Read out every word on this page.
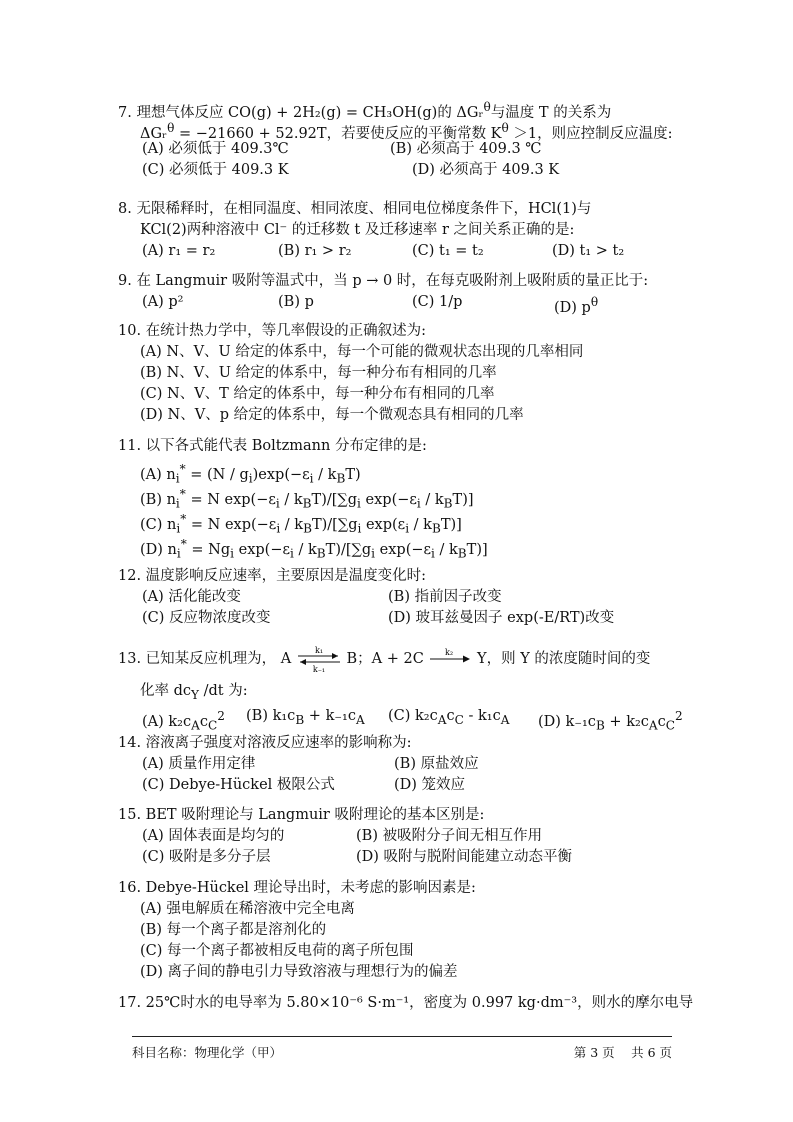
7. 理想气体反应 CO(g) + 2H₂(g) = CH₃OH(g)的 ΔGᵣ$^\theta$与温度 T 的关系为
ΔGᵣ$^\theta$ = −21660 + 52.92T，若要使反应的平衡常数 $K^\theta >1$，则应控制反应温度:
(A) 必须低于 409.3℃	(B) 必须高于 409.3 ℃
(C) 必须低于 409.3 K	(D) 必须高于 409.3 K
8. 无限稀释时，在相同温度、相同浓度、相同电位梯度条件下，HCl(1)与
KCl(2)两种溶液中 Cl⁻ 的迁移数 t 及迁移速率 r 之间关系正确的是:
(A) r₁ = r₂	(B) r₁ > r₂	(C) t₁ = t₂	(D) t₁ > t₂
9. 在 Langmuir 吸附等温式中，当 p → 0 时，在每克吸附剂上吸附质的量正比于:
(A) p²	(B) p	(C) 1/p	(D) $p^\theta$
10. 在统计热力学中，等几率假设的正确叙述为:
(A) N、V、U 给定的体系中，每一个可能的微观状态出现的几率相同
(B) N、V、U 给定的体系中，每一种分布有相同的几率
(C) N、V、T 给定的体系中，每一种分布有相同的几率
(D) N、V、p 给定的体系中，每一个微观态具有相同的几率
11. 以下各式能代表 Boltzmann 分布定律的是:
(A) $n_i^* = (N / g_i)\exp(-\varepsilon_i / k_BT)$
(B) $n_i^* = N$ $\exp(-\varepsilon_i / k_BT)/[\sum g_i$ $\exp(-\varepsilon_i / k_BT)$]
(C) $n_i^* = N$ $\exp(-\varepsilon_i / k_BT)/[\sum g_i$ $\exp(\varepsilon_i / k_BT)$]
(D) $n_i^* = Ng_i$ $\exp(-\varepsilon_i / k_BT)/[\sum g_i$ $\exp(-\varepsilon_i / k_BT)$]
12. 温度影响反应速率，主要原因是温度变化时:
(A) 活化能改变	(B) 指前因子改变
(C) 反应物浓度改变	(D) 玻耳兹曼因子 exp(-E/RT)改变
13. 已知某反应机理为， A
k₁
k₋₁
B；A + 2C	k₂ Y，则 Y 的浓度随时间的变
化率 $dc_Y$ /dt 为:
(A) $k_2c_Ac_C^2$ (B) $k_1c_B + k_{-1}c_A$ (C) $k_2c_Ac_C - k_1c_A$ (D) $k_{-1}c_B + k_2c_Ac_C^2$
14. 溶液离子强度对溶液反应速率的影响称为:
(A) 质量作用定律	(B) 原盐效应
(C) Debye-Hückel 极限公式	(D) 笼效应
15. BET 吸附理论与 Langmuir 吸附理论的基本区别是:
(A) 固体表面是均匀的	(B) 被吸附分子间无相互作用
(C) 吸附是多分子层	(D) 吸附与脱附间能建立动态平衡
16. Debye-Hückel 理论导出时，未考虑的影响因素是:
(A) 强电解质在稀溶液中完全电离
(B) 每一个离子都是溶剂化的
(C) 每一个离子都被相反电荷的离子所包围
(D) 离子间的静电引力导致溶液与理想行为的偏差
17. 25℃时水的电导率为 5.80×10⁻⁶ S·m⁻¹，密度为 0.997 kg·dm⁻³，则水的摩尔电导
科目名称：物理化学（甲）	第 3 页　 共 6 页
